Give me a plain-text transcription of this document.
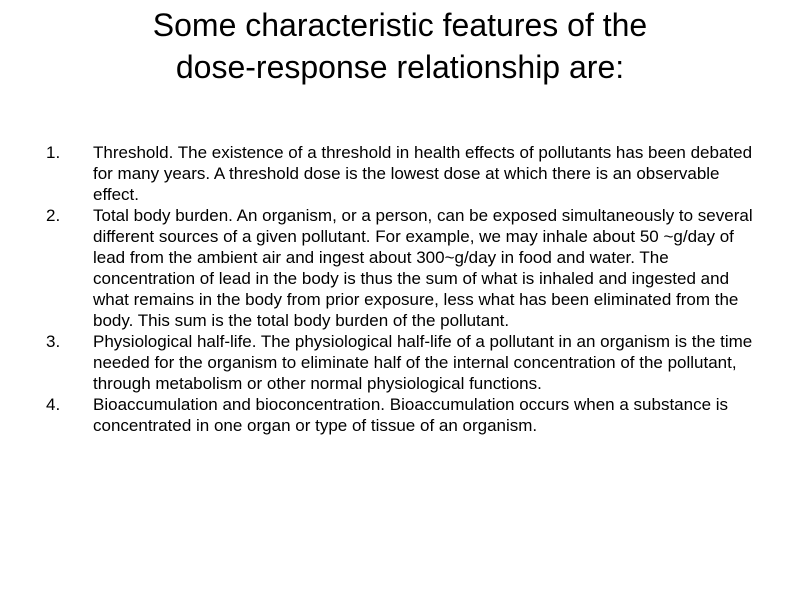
Some characteristic features of the
dose-response relationship are:
1. Threshold. The existence of a threshold in health effects of pollutants has been debated for many years. A threshold dose is the lowest dose at which there is an observable effect.
2. Total body burden. An organism, or a person, can be exposed simultaneously to several different sources of a given pollutant. For example, we may inhale about 50 ~g/day of lead from the ambient air and ingest about 300~g/day in food and water. The concentration of lead in the body is thus the sum of what is inhaled and ingested and what remains in the body from prior exposure, less what has been eliminated from the body. This sum is the total body burden of the pollutant.
3. Physiological half-life. The physiological half-life of a pollutant in an organism is the time needed for the organism to eliminate half of the internal concentration of the pollutant, through metabolism or other normal physiological functions.
4. Bioaccumulation and bioconcentration. Bioaccumulation occurs when a substance is concentrated in one organ or type of tissue of an organism.
